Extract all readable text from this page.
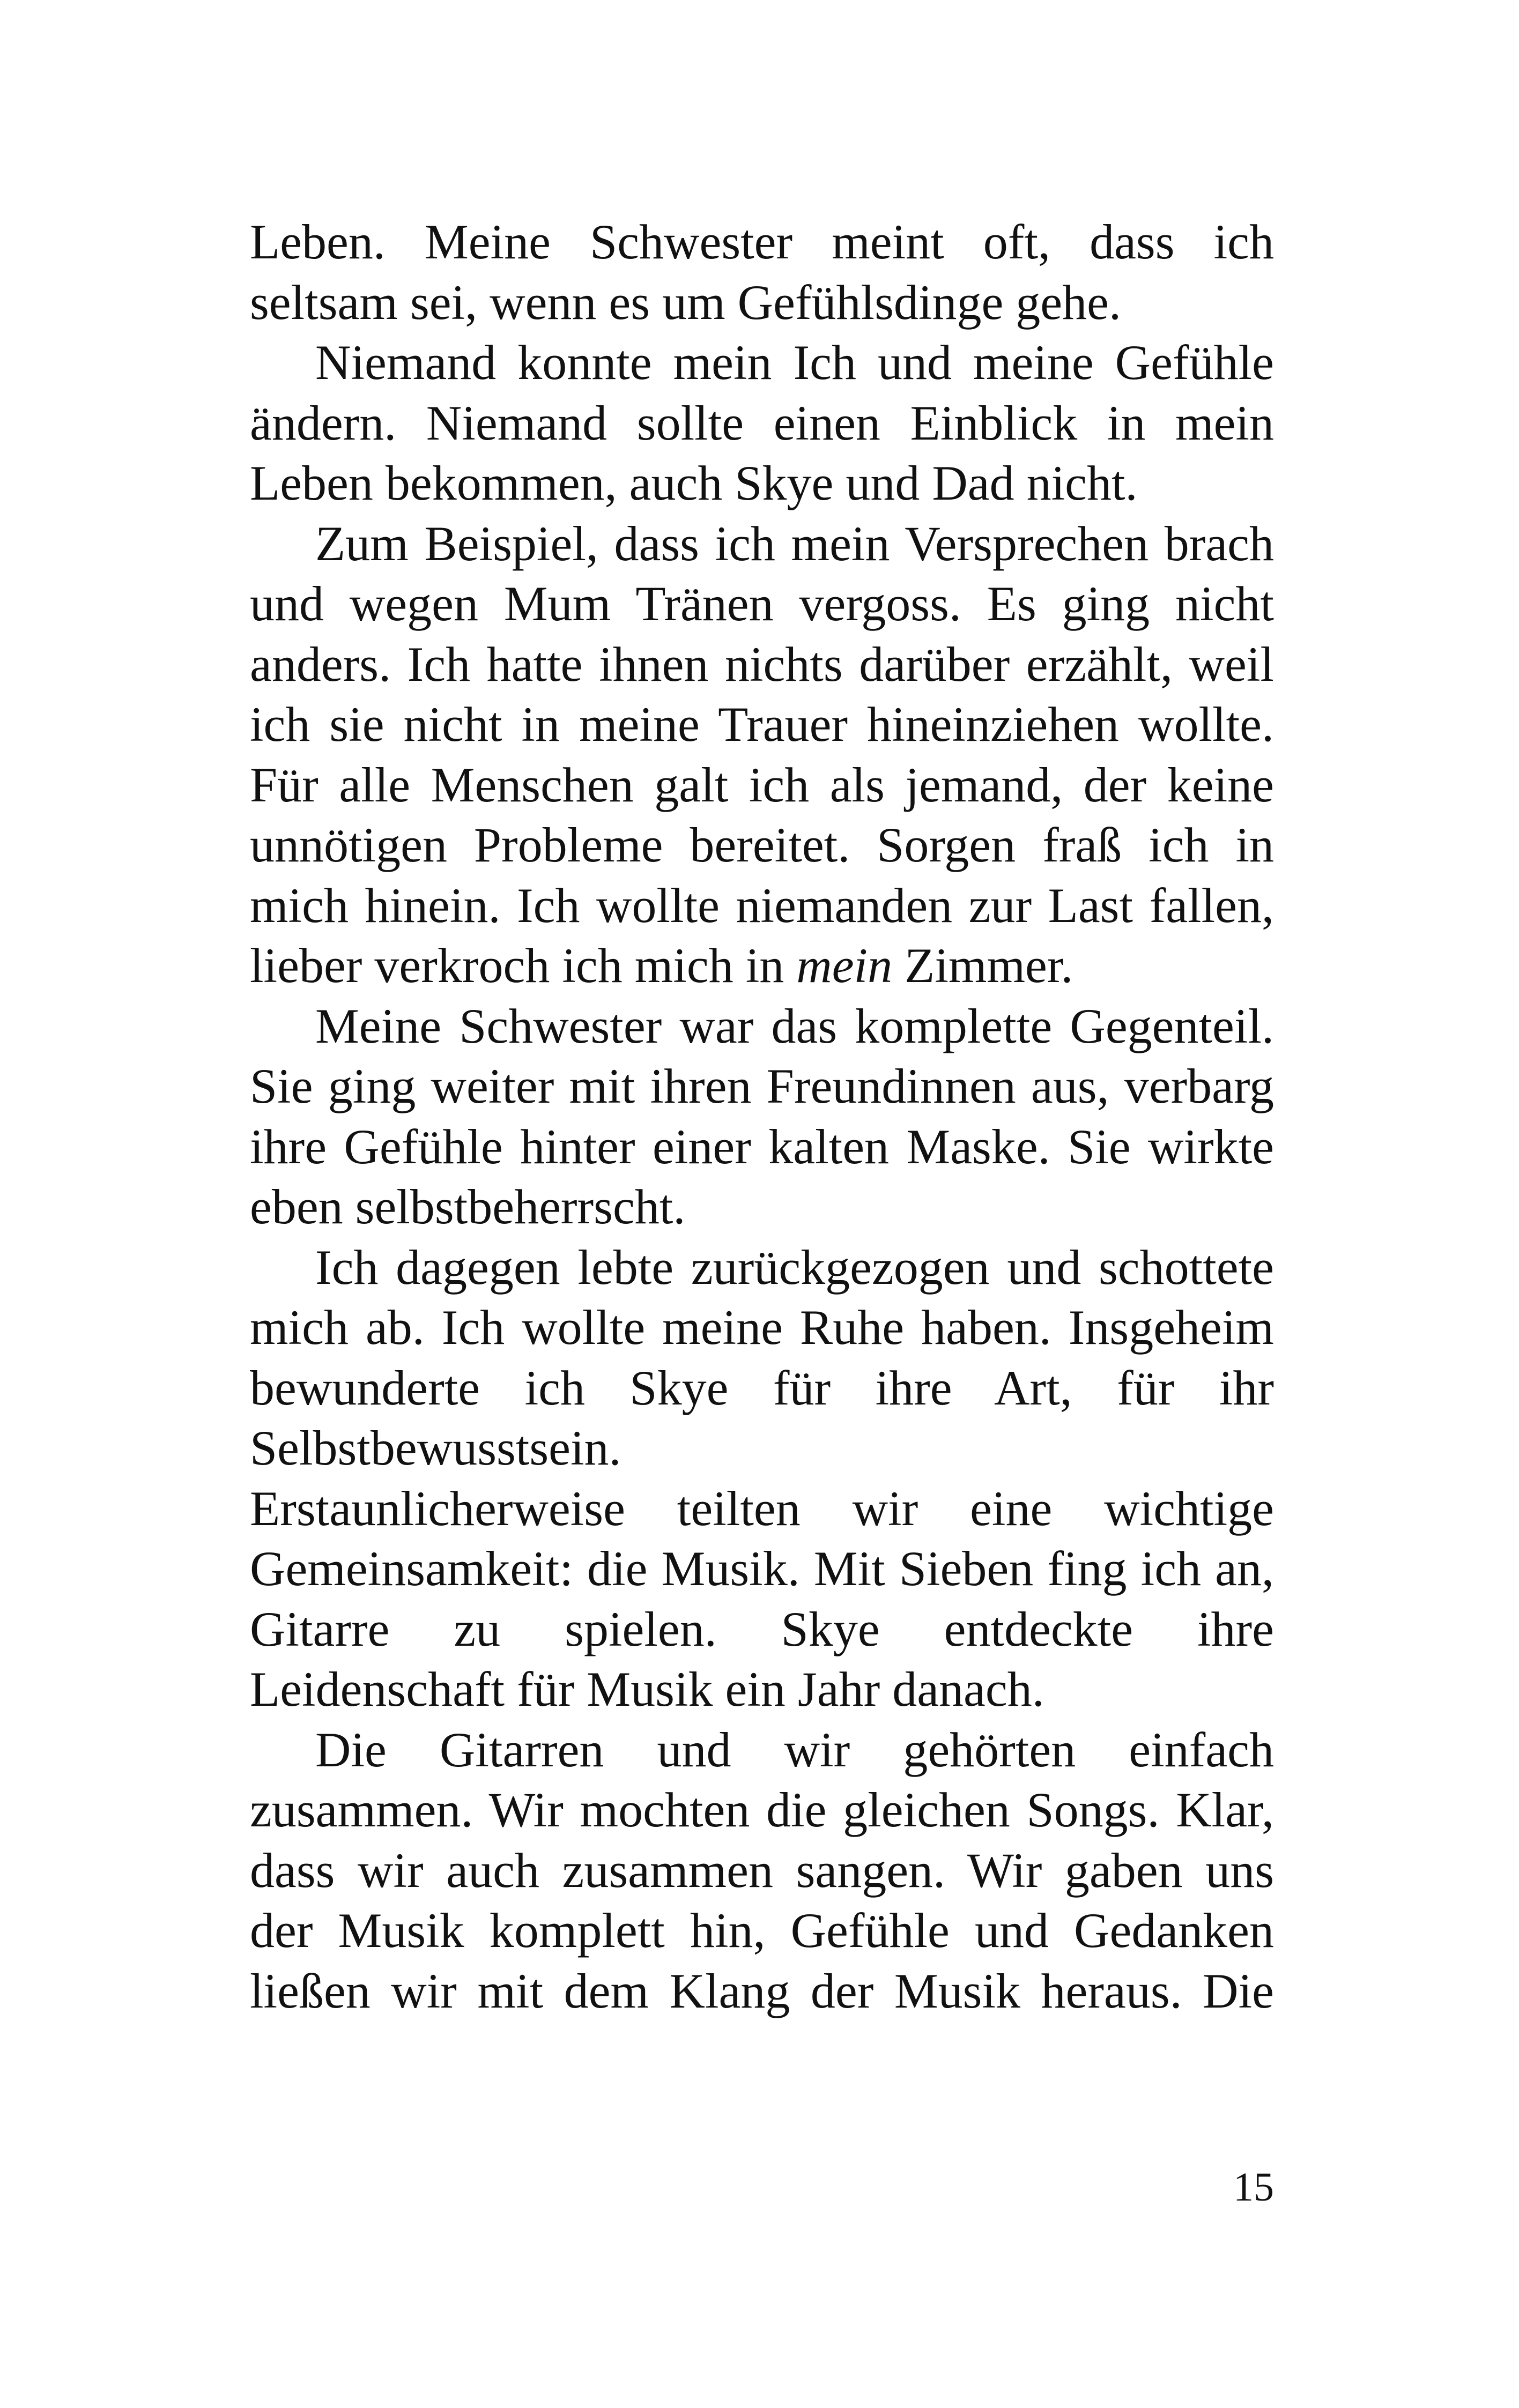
Leben. Meine Schwester meint oft, dass ich
seltsam sei, wenn es um Gefühlsdinge gehe.
Niemand konnte mein Ich und meine Gefühle
ändern. Niemand sollte einen Einblick in mein
Leben bekommen, auch Skye und Dad nicht.
Zum Beispiel, dass ich mein Versprechen brach
und wegen Mum Tränen vergoss. Es ging nicht
anders. Ich hatte ihnen nichts darüber erzählt, weil
ich sie nicht in meine Trauer hineinziehen wollte.
Für alle Menschen galt ich als jemand, der keine
unnötigen Probleme bereitet. Sorgen fraß ich in
mich hinein. Ich wollte niemanden zur Last fallen,
lieber verkroch ich mich in mein Zimmer.
Meine Schwester war das komplette Gegenteil.
Sie ging weiter mit ihren Freundinnen aus, verbarg
ihre Gefühle hinter einer kalten Maske. Sie wirkte
eben selbstbeherrscht.
Ich dagegen lebte zurückgezogen und schottete
mich ab. Ich wollte meine Ruhe haben. Insgeheim
bewunderte ich Skye für ihre Art, für ihr
Selbstbewusstsein.
Erstaunlicherweise teilten wir eine wichtige
Gemeinsamkeit: die Musik. Mit Sieben fing ich an,
Gitarre zu spielen. Skye entdeckte ihre
Leidenschaft für Musik ein Jahr danach.
Die Gitarren und wir gehörten einfach
zusammen. Wir mochten die gleichen Songs. Klar,
dass wir auch zusammen sangen. Wir gaben uns
der Musik komplett hin, Gefühle und Gedanken
ließen wir mit dem Klang der Musik heraus. Die
15
